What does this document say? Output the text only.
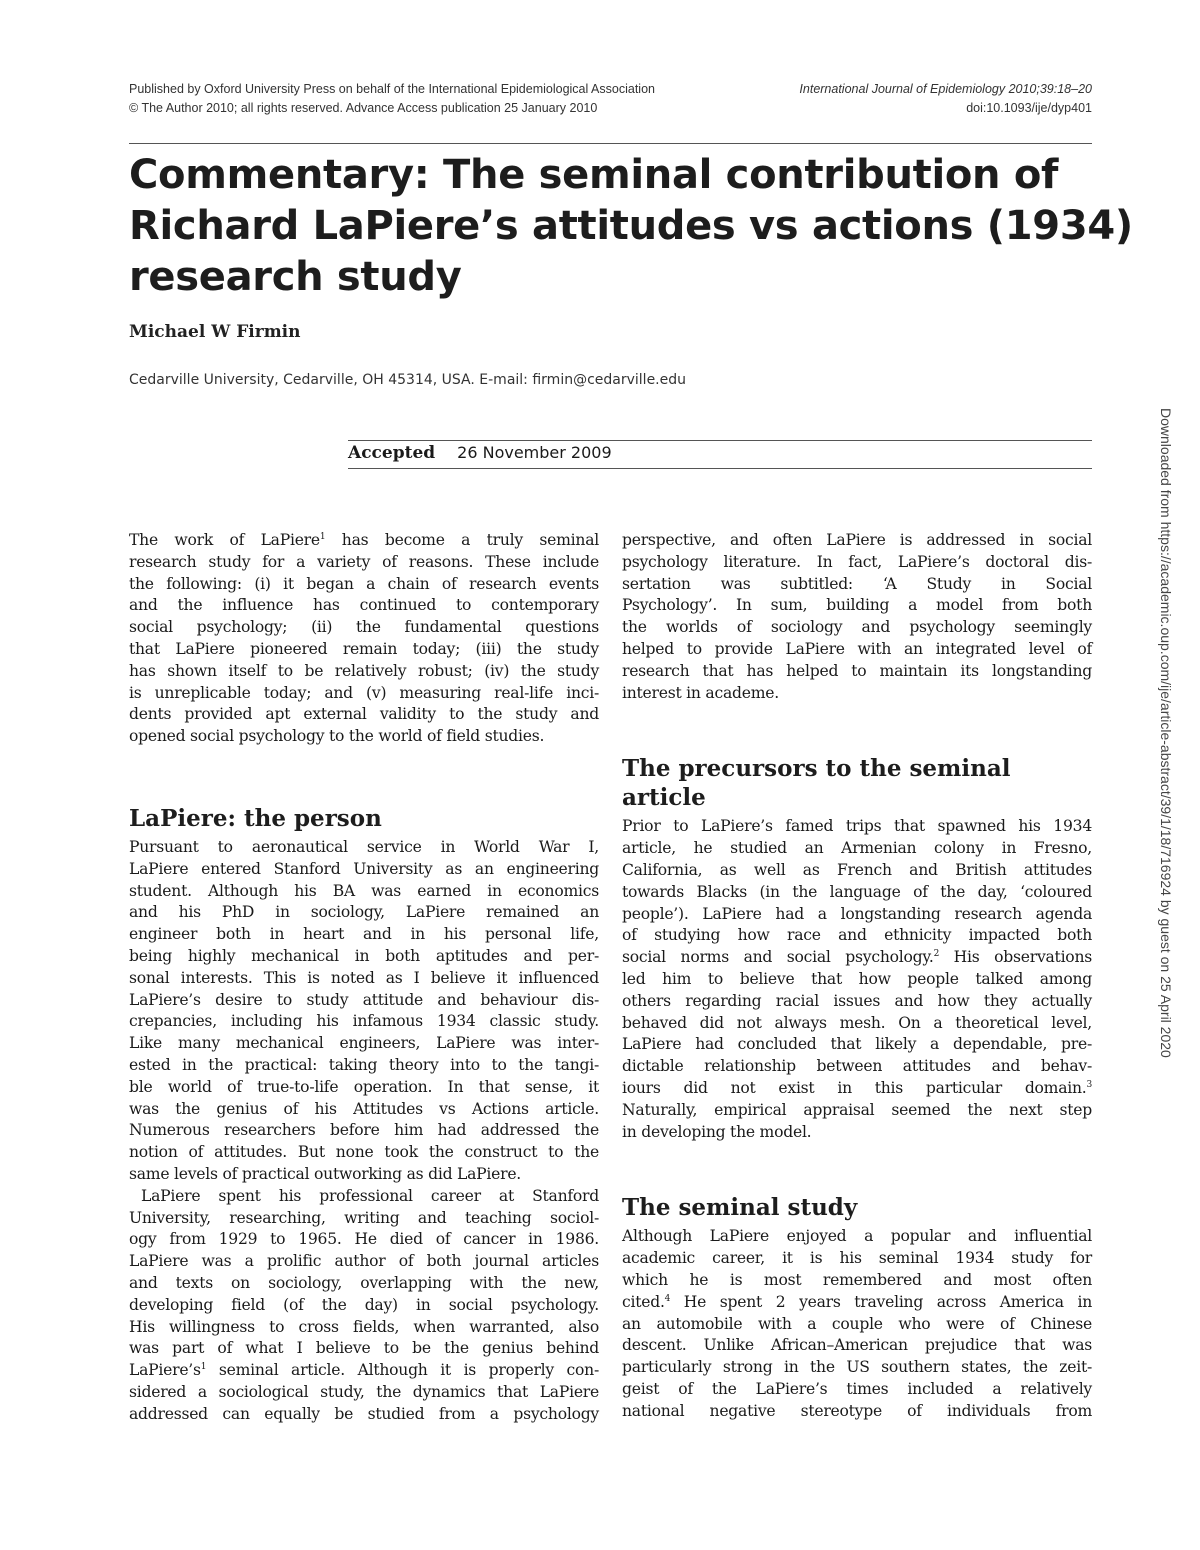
Published by Oxford University Press on behalf of the International Epidemiological Association
© The Author 2010; all rights reserved. Advance Access publication 25 January 2010
International Journal of Epidemiology 2010;39:18–20
doi:10.1093/ije/dyp401
Commentary: The seminal contribution of
Richard LaPiere’s attitudes vs actions (1934)
research study
Michael W Firmin
Cedarville University, Cedarville, OH 45314, USA. E-mail: firmin@cedarville.edu
Accepted 26 November 2009
The work of LaPiere$^1$ has become a truly seminal
research study for a variety of reasons. These include
the following: (i) it began a chain of research events
and the influence has continued to contemporary
social psychology; (ii) the fundamental questions
that LaPiere pioneered remain today; (iii) the study
has shown itself to be relatively robust; (iv) the study
is unreplicable today; and (v) measuring real-life inci-
dents provided apt external validity to the study and
opened social psychology to the world of field studies.
LaPiere: the person
Pursuant to aeronautical service in World War I,
LaPiere entered Stanford University as an engineering
student. Although his BA was earned in economics
and his PhD in sociology, LaPiere remained an
engineer both in heart and in his personal life,
being highly mechanical in both aptitudes and per-
sonal interests. This is noted as I believe it influenced
LaPiere’s desire to study attitude and behaviour dis-
crepancies, including his infamous 1934 classic study.
Like many mechanical engineers, LaPiere was inter-
ested in the practical: taking theory into to the tangi-
ble world of true-to-life operation. In that sense, it
was the genius of his Attitudes vs Actions article.
Numerous researchers before him had addressed the
notion of attitudes. But none took the construct to the
same levels of practical outworking as did LaPiere.
LaPiere spent his professional career at Stanford
University, researching, writing and teaching sociol-
ogy from 1929 to 1965. He died of cancer in 1986.
LaPiere was a prolific author of both journal articles
and texts on sociology, overlapping with the new,
developing field (of the day) in social psychology.
His willingness to cross fields, when warranted, also
was part of what I believe to be the genius behind
$LaPiere’s^1$ seminal article. Although it is properly con-
sidered a sociological study, the dynamics that LaPiere
addressed can equally be studied from a psychology
perspective, and often LaPiere is addressed in social
psychology literature. In fact, LaPiere’s doctoral dis-
sertation was subtitled: ‘A Study in Social
Psychology’. In sum, building a model from both
the worlds of sociology and psychology seemingly
helped to provide LaPiere with an integrated level of
research that has helped to maintain its longstanding
interest in academe.
The precursors to the seminal
article
Prior to LaPiere’s famed trips that spawned his 1934
article, he studied an Armenian colony in Fresno,
California, as well as French and British attitudes
towards Blacks (in the language of the day, ‘coloured
people’). LaPiere had a longstanding research agenda
of studying how race and ethnicity impacted both
social norms and social psychology.$^2$ His observations
led him to believe that how people talked among
others regarding racial issues and how they actually
behaved did not always mesh. On a theoretical level,
LaPiere had concluded that likely a dependable, pre-
dictable relationship between attitudes and behav-
iours did not exist in this particular domain.$^3$
Naturally, empirical appraisal seemed the next step
in developing the model.
The seminal study
Although LaPiere enjoyed a popular and influential
academic career, it is his seminal 1934 study for
which he is most remembered and most often
cited.$^4$ He spent 2 years traveling across America in
an automobile with a couple who were of Chinese
descent. Unlike African–American prejudice that was
particularly strong in the US southern states, the zeit-
geist of the LaPiere’s times included a relatively
national negative stereotype of individuals from
Downloaded from https://academic.oup.com/ije/article-abstract/39/1/18/716924 by guest on 25 April 2020
